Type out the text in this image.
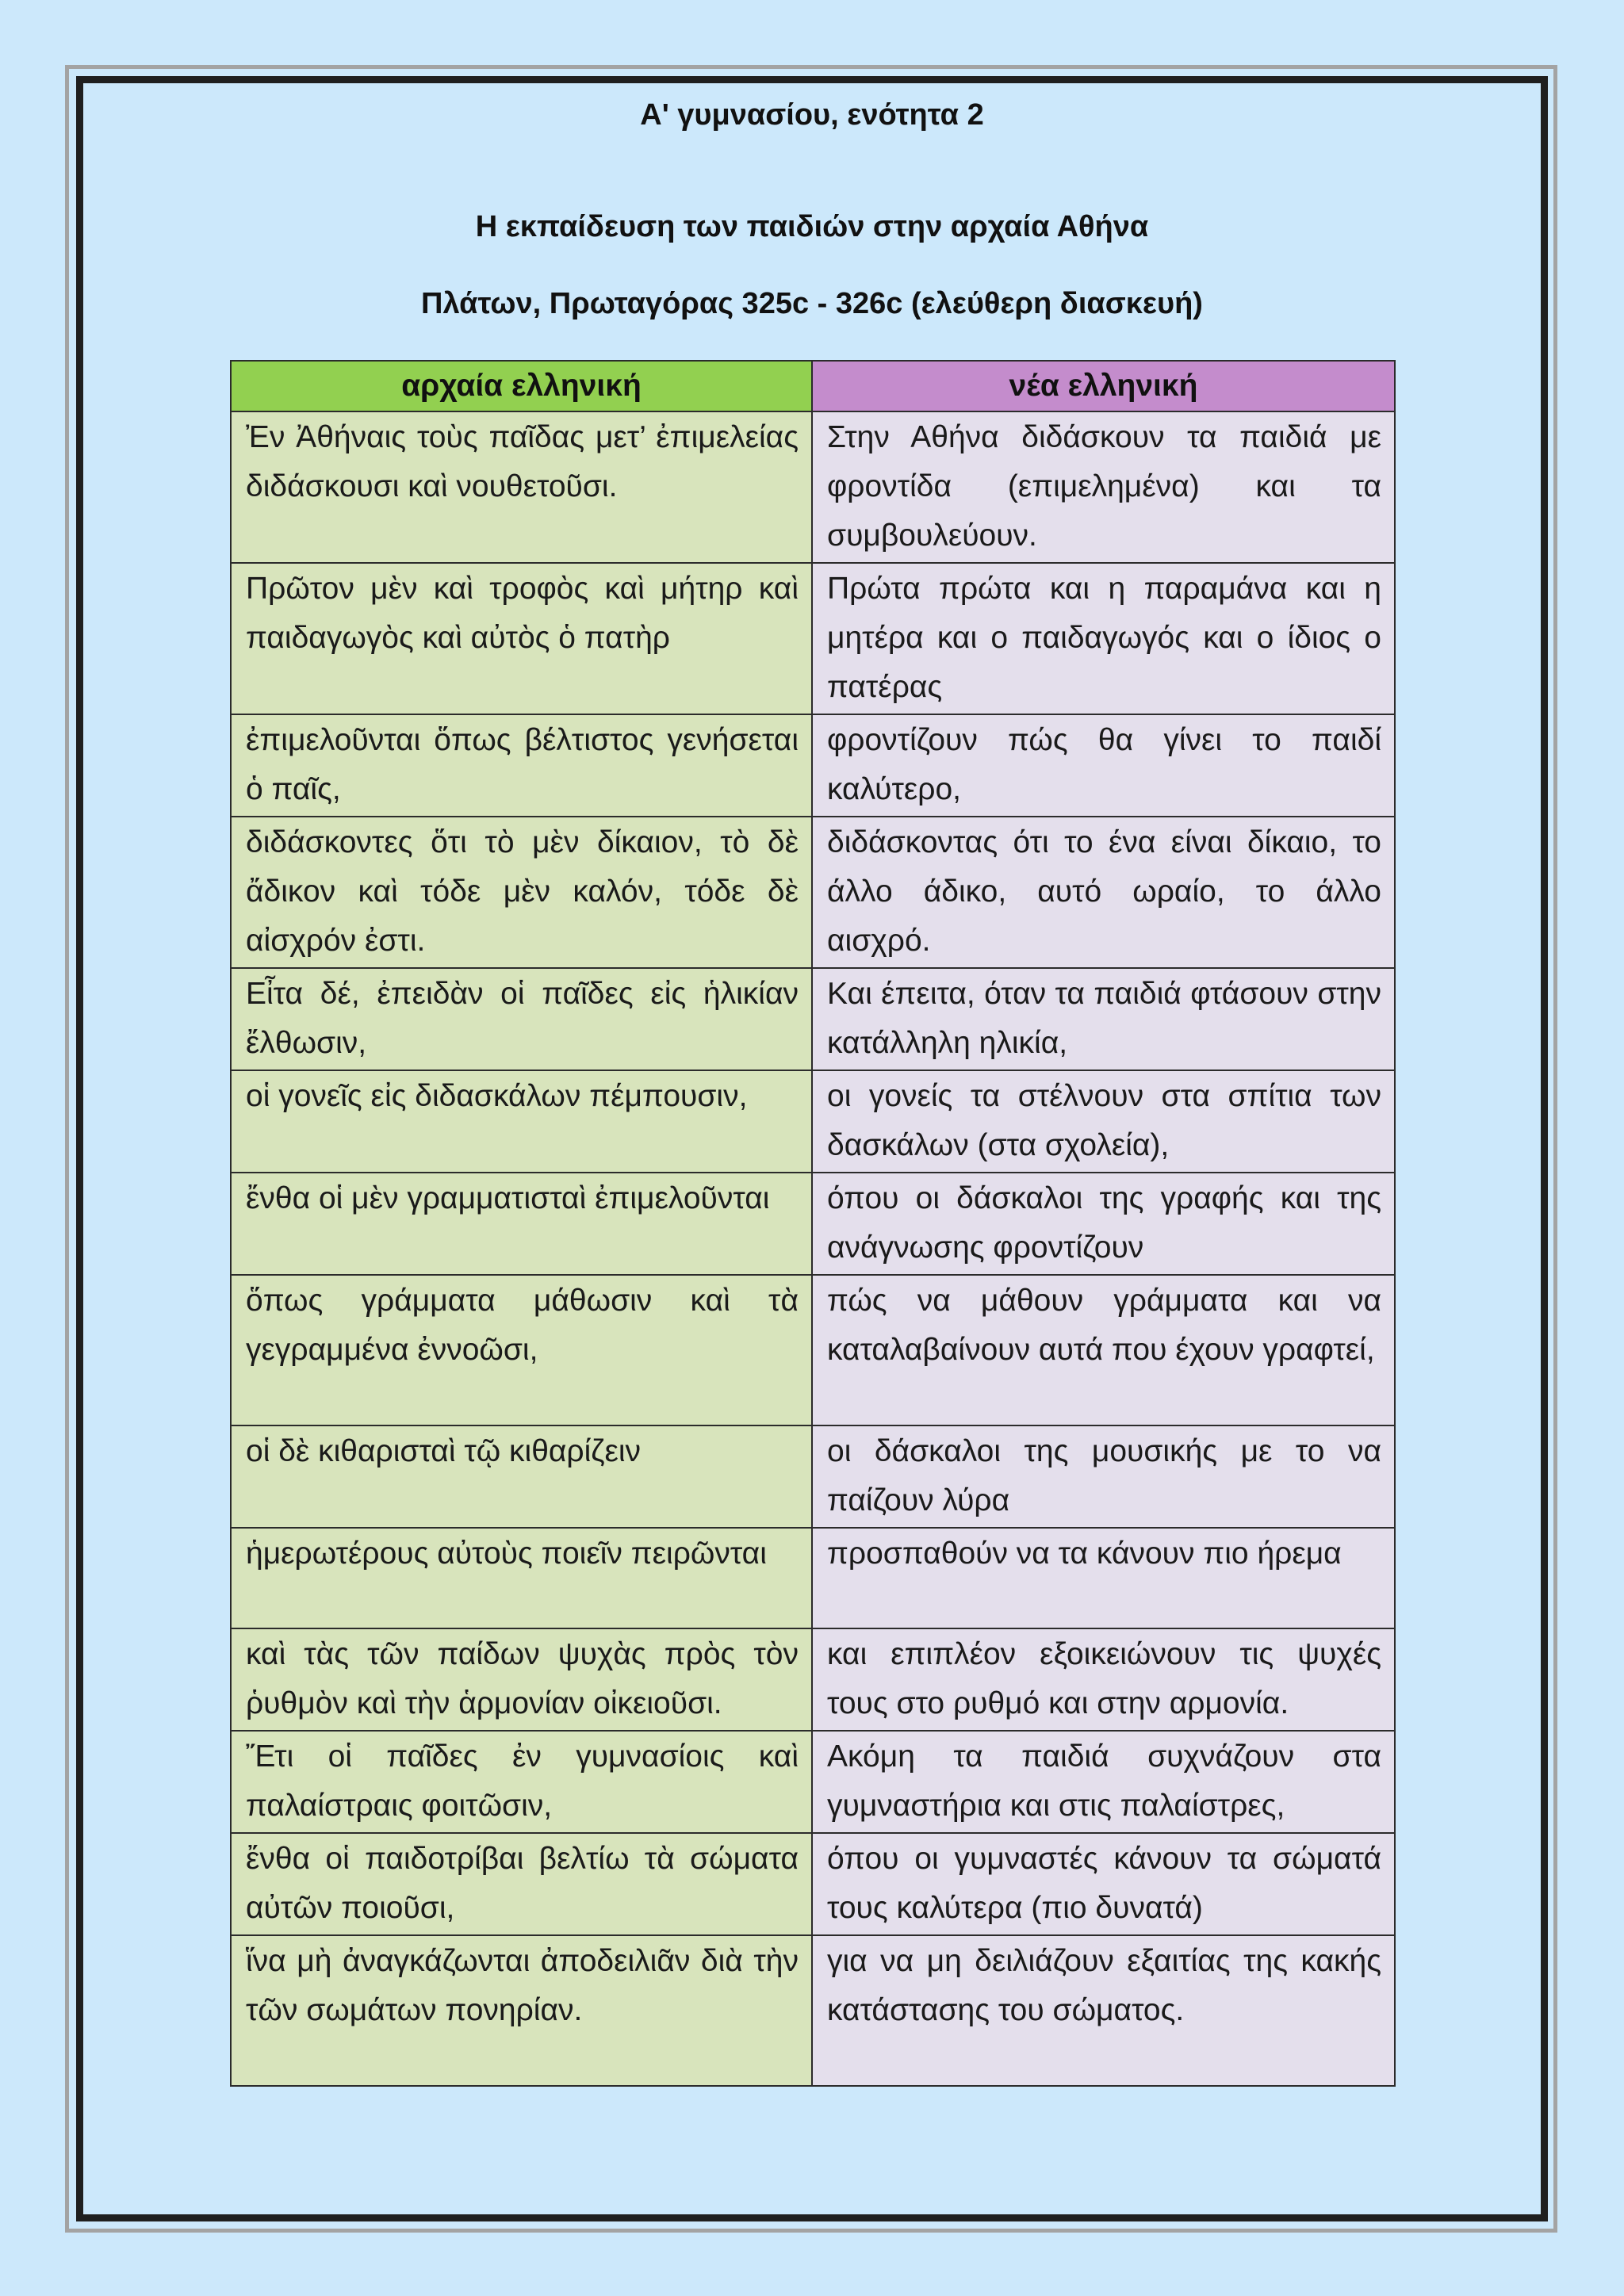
Α' γυμνασίου, ενότητα 2
Η εκπαίδευση των παιδιών στην αρχαία Αθήνα
Πλάτων, Πρωταγόρας 325c - 326c (ελεύθερη διασκευή)
αρχαία ελληνική	νέα ελληνική
Ἐν Ἀθήναις τοὺς παῖδας μετ’ ἐπιμελείας διδάσκουσι καὶ νουθετοῦσι.	Στην Αθήνα διδάσκουν τα παιδιά με φροντίδα (επιμελημένα) και τα συμβουλεύουν.
Πρῶτον μὲν καὶ τροφὸς καὶ μήτηρ καὶ παιδαγωγὸς καὶ αὐτὸς ὁ πατὴρ	Πρώτα πρώτα και η παραμάνα και η μητέρα και ο παιδαγωγός και ο ίδιος ο πατέρας
ἐπιμελοῦνται ὅπως βέλτιστος γενήσεται ὁ παῖς,	φροντίζουν πώς θα γίνει το παιδί καλύτερο,
διδάσκοντες ὅτι τὸ μὲν δίκαιον, τὸ δὲ ἄδικον καὶ τόδε μὲν καλόν, τόδε δὲ αἰσχρόν ἐστι.	διδάσκοντας ότι το ένα είναι δίκαιο, το άλλο άδικο, αυτό ωραίο, το άλλο αισχρό.
Εἶτα δέ, ἐπειδὰν οἱ παῖδες εἰς ἡλικίαν ἔλθωσιν,	Και έπειτα, όταν τα παιδιά φτάσουν στην κατάλληλη ηλικία,
οἱ γονεῖς εἰς διδασκάλων πέμπουσιν,	οι γονείς τα στέλνουν στα σπίτια των δασκάλων (στα σχολεία),
ἔνθα οἱ μὲν γραμματισταὶ ἐπιμελοῦνται	όπου οι δάσκαλοι της γραφής και της ανάγνωσης φροντίζουν
ὅπως γράμματα μάθωσιν καὶ τὰ γεγραμμένα ἐννοῶσι,	πώς να μάθουν γράμματα και να καταλαβαίνουν αυτά που έχουν γραφτεί,
οἱ δὲ κιθαρισταὶ τῷ κιθαρίζειν	οι δάσκαλοι της μουσικής με το να παίζουν λύρα
ἡμερωτέρους αὐτοὺς ποιεῖν πειρῶνται	προσπαθούν να τα κάνουν πιο ήρεμα
καὶ τὰς τῶν παίδων ψυχὰς πρὸς τὸν ῥυθμὸν καὶ τὴν ἁρμονίαν οἰκειοῦσι.	και επιπλέον εξοικειώνουν τις ψυχές τους στο ρυθμό και στην αρμονία.
Ἔτι οἱ παῖδες ἐν γυμνασίοις καὶ παλαίστραις φοιτῶσιν,	Ακόμη τα παιδιά συχνάζουν στα γυμναστήρια και στις παλαίστρες,
ἔνθα οἱ παιδοτρίβαι βελτίω τὰ σώματα αὐτῶν ποιοῦσι,	όπου οι γυμναστές κάνουν τα σώματά τους καλύτερα (πιο δυνατά)
ἵνα μὴ ἀναγκάζωνται ἀποδειλιᾶν διὰ τὴν τῶν σωμάτων πονηρίαν.	για να μη δειλιάζουν εξαιτίας της κακής κατάστασης του σώματος.
